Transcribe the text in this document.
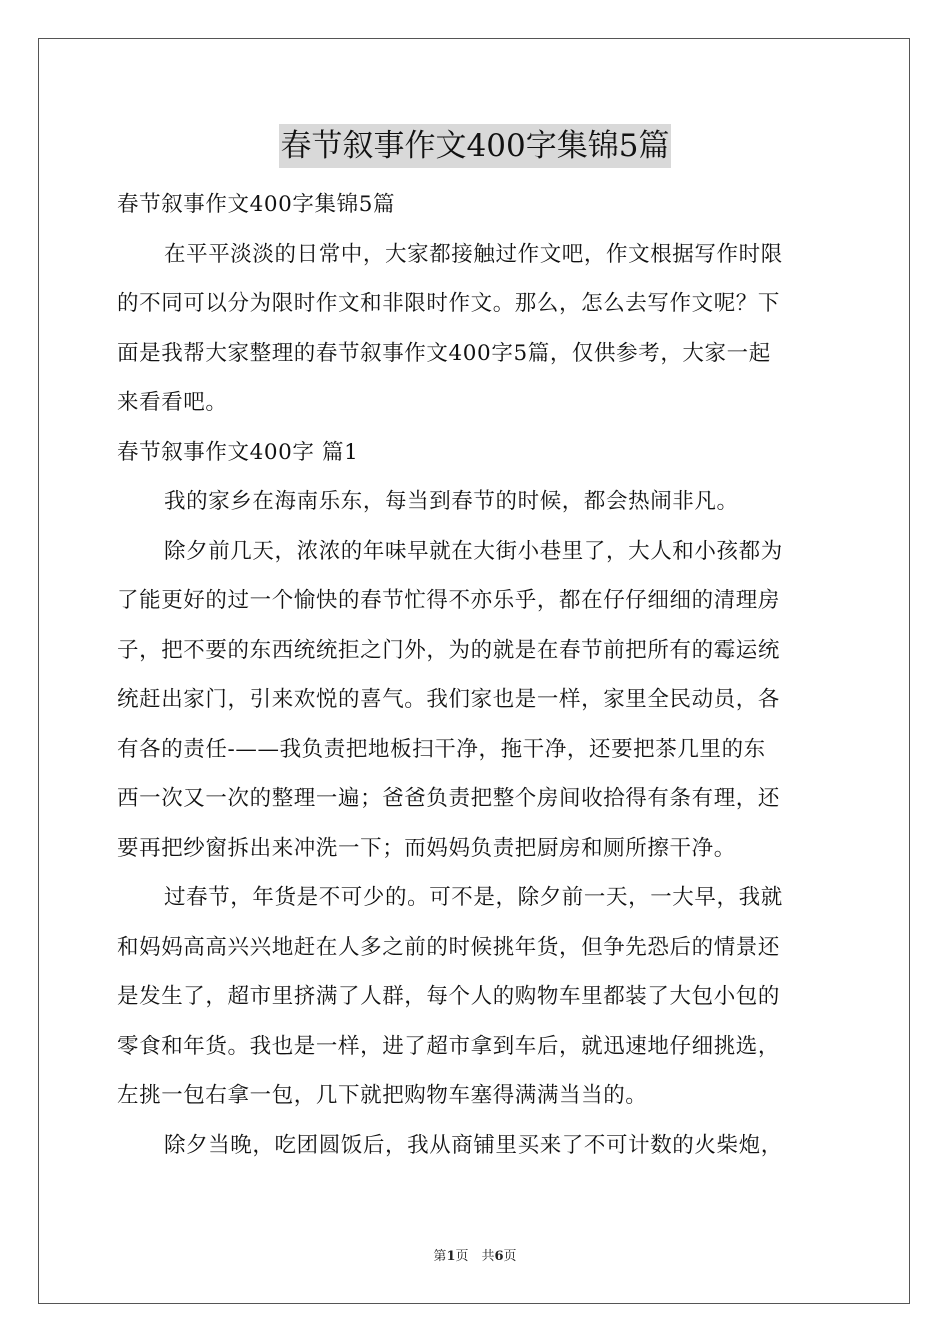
春节叙事作文400字集锦5篇
春节叙事作文400字集锦5篇
在平平淡淡的日常中，大家都接触过作文吧，作文根据写作时限
的不同可以分为限时作文和非限时作文。那么，怎么去写作文呢？下
面是我帮大家整理的春节叙事作文400字5篇，仅供参考，大家一起
来看看吧。
春节叙事作文400字 篇1
我的家乡在海南乐东，每当到春节的时候，都会热闹非凡。
除夕前几天，浓浓的年味早就在大街小巷里了，大人和小孩都为
了能更好的过一个愉快的春节忙得不亦乐乎，都在仔仔细细的清理房
子，把不要的东西统统拒之门外，为的就是在春节前把所有的霉运统
统赶出家门，引来欢悦的喜气。我们家也是一样，家里全民动员，各
有各的责任-——我负责把地板扫干净，拖干净，还要把茶几里的东
西一次又一次的整理一遍；爸爸负责把整个房间收拾得有条有理，还
要再把纱窗拆出来冲洗一下；而妈妈负责把厨房和厕所擦干净。
过春节，年货是不可少的。可不是，除夕前一天，一大早，我就
和妈妈高高兴兴地赶在人多之前的时候挑年货，但争先恐后的情景还
是发生了，超市里挤满了人群，每个人的购物车里都装了大包小包的
零食和年货。我也是一样，进了超市拿到车后，就迅速地仔细挑选，
左挑一包右拿一包，几下就把购物车塞得满满当当的。
除夕当晚，吃团圆饭后，我从商铺里买来了不可计数的火柴炮，
第1页　共6页
